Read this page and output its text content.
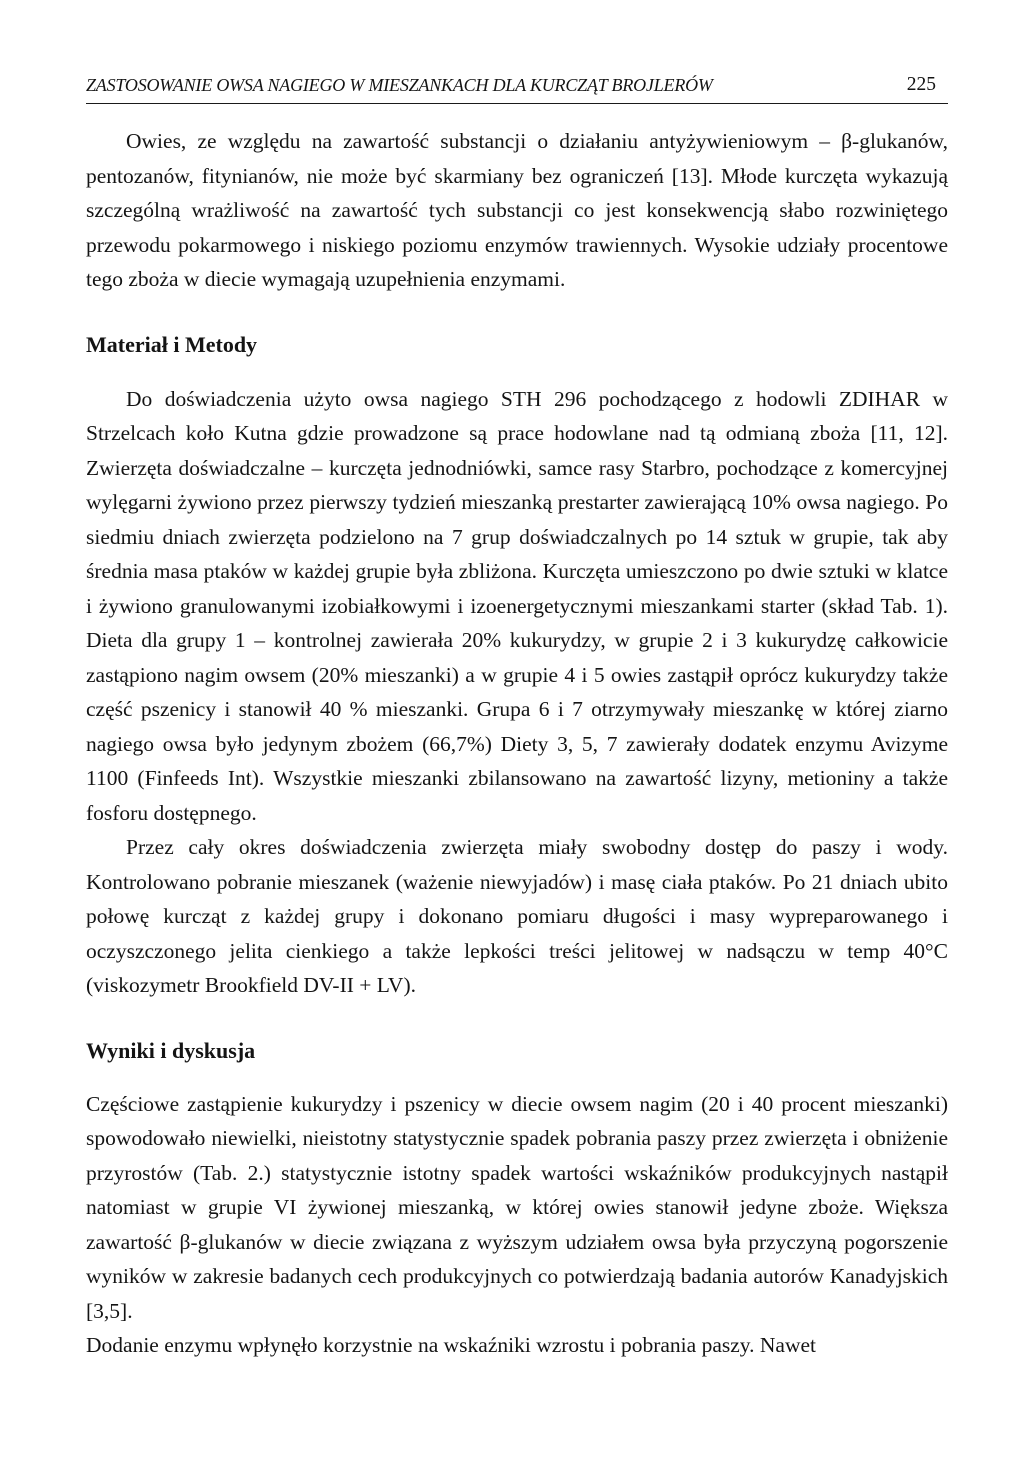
ZASTOSOWANIE OWSA NAGIEGO W MIESZANKACH DLA KURCZĄT BROJLERÓW	225

Owies, ze względu na zawartość substancji o działaniu antyżywieniowym – β-glukanów, pentozanów, fitynianów, nie może być skarmiany bez ograniczeń [13]. Młode kurczęta wykazują szczególną wrażliwość na zawartość tych substancji co jest konsekwencją słabo rozwiniętego przewodu pokarmowego i niskiego poziomu enzymów trawiennych. Wysokie udziały procentowe tego zboża w diecie wymagają uzupełnienia enzymami.

Materiał i Metody

Do doświadczenia użyto owsa nagiego STH 296 pochodzącego z hodowli ZDIHAR w Strzelcach koło Kutna gdzie prowadzone są prace hodowlane nad tą odmianą zboża [11, 12]. Zwierzęta doświadczalne – kurczęta jednodniówki, samce rasy Starbro, pochodzące z komercyjnej wylęgarni żywiono przez pierwszy tydzień mieszanką prestarter zawierającą 10% owsa nagiego. Po siedmiu dniach zwierzęta podzielono na 7 grup doświadczalnych po 14 sztuk w grupie, tak aby średnia masa ptaków w każdej grupie była zbliżona. Kurczęta umieszczono po dwie sztuki w klatce i żywiono granulowanymi izobiałkowymi i izoenergetycznymi mieszankami starter (skład Tab. 1). Dieta dla grupy 1 – kontrolnej zawierała 20% kukurydzy, w grupie 2 i 3 kukurydzę całkowicie zastąpiono nagim owsem (20% mieszanki) a w grupie 4 i 5 owies zastąpił oprócz kukurydzy także część pszenicy i stanowił 40 % mieszanki. Grupa 6 i 7 otrzymywały mieszankę w której ziarno nagiego owsa było jedynym zbożem (66,7%) Diety 3, 5, 7 zawierały dodatek enzymu Avizyme 1100 (Finfeeds Int). Wszystkie mieszanki zbilansowano na zawartość lizyny, metioniny a także fosforu dostępnego.

Przez cały okres doświadczenia zwierzęta miały swobodny dostęp do paszy i wody. Kontrolowano pobranie mieszanek (ważenie niewyjadów) i masę ciała ptaków. Po 21 dniach ubito połowę kurcząt z każdej grupy i dokonano pomiaru długości i masy wypreparowanego i oczyszczonego jelita cienkiego a także lepkości treści jelitowej w nadsączu w temp 40°C (viskozymetr Brookfield DV-II + LV).

Wyniki i dyskusja

Częściowe zastąpienie kukurydzy i pszenicy w diecie owsem nagim (20 i 40 procent mieszanki) spowodowało niewielki, nieistotny statystycznie spadek pobrania paszy przez zwierzęta i obniżenie przyrostów (Tab. 2.) statystycznie istotny spadek wartości wskaźników produkcyjnych nastąpił natomiast w grupie VI żywionej mieszanką, w której owies stanowił jedyne zboże. Większa zawartość β-glukanów w diecie związana z wyższym udziałem owsa była przyczyną pogorszenie wyników w zakresie badanych cech produkcyjnych co potwierdzają badania autorów Kanadyjskich [3,5].

Dodanie enzymu wpłynęło korzystnie na wskaźniki wzrostu i pobrania paszy. Nawet
